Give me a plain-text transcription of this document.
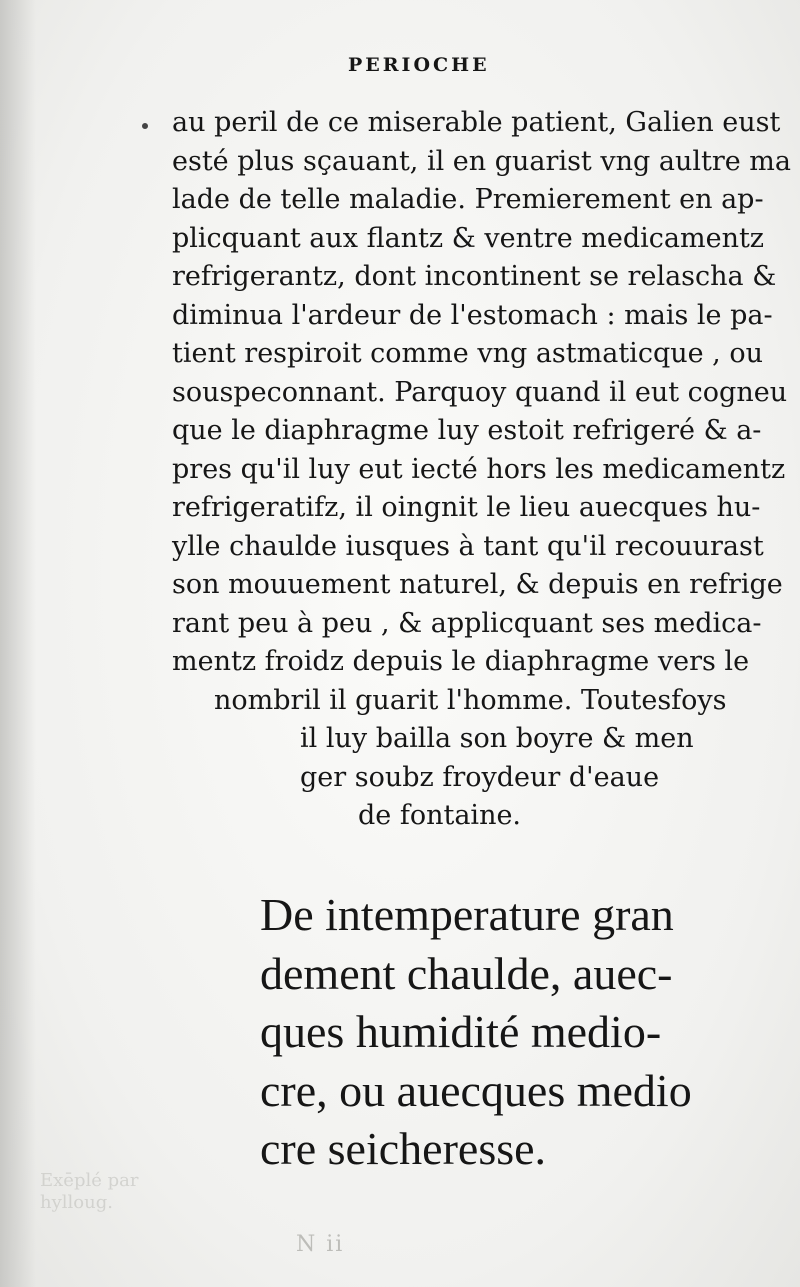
PERIOCHE

au peril de ce miserable patient, Galien eust
esté plus sçauant, il en guarist vng aultre ma
lade de telle maladie. Premierement en ap-
plicquant aux flantz & ventre medicamentz
refrigerantz, dont incontinent se relascha &
diminua l'ardeur de l'estomach : mais le pa-
tient respiroit comme vng astmaticque , ou
souspeconnant. Parquoy quand il eut cogneu
que le diaphragme luy estoit refrigeré & a-
pres qu'il luy eut iecté hors les medicamentz
refrigeratifz, il oingnit le lieu auecques hu-
ylle chaulde iusques à tant qu'il recouurast
son mouuement naturel, & depuis en refrige
rant peu à peu , & applicquant ses medica-
mentz froidz depuis le diaphragme vers le
nombril il guarit l'homme. Toutesfoys
il luy bailla son boyre & men
ger soubz froydeur d'eaue
de fontaine.

De intemperature gran
dement chaulde, auec-
ques humidité medio-
cre, ou auecques medio
cre seicheresse.
Exēplé par
hylloug.
N ii
